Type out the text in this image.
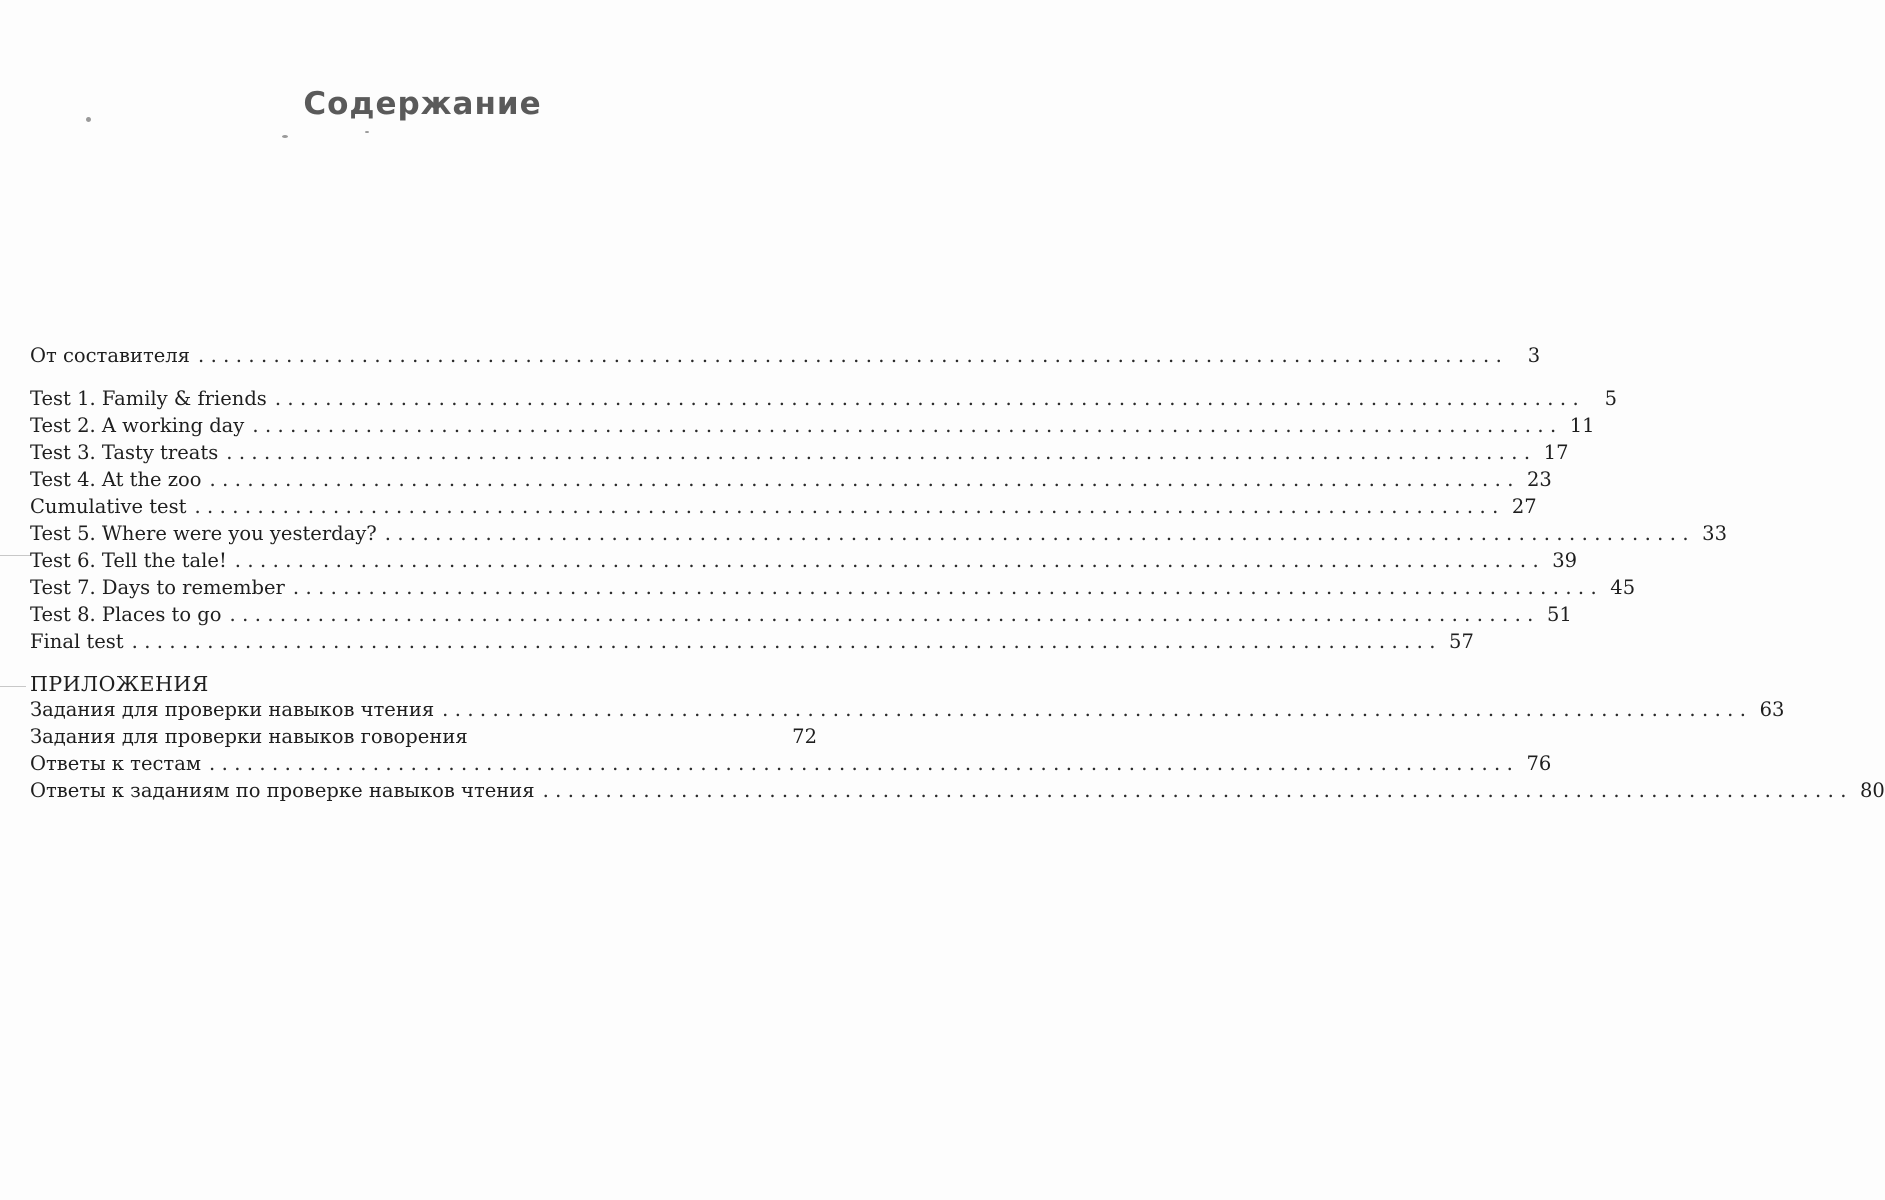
Содержание
От составителя ........................................................................................................	3
Test 1. Family & friends ........................................................................................................	5
Test 2. A working day ........................................................................................................ 11
Test 3. Tasty treats ........................................................................................................ 17
Test 4. At the zoo ........................................................................................................ 23
Cumulative test ........................................................................................................ 27
Test 5. Where were you yesterday? ........................................................................................................ 33
Test 6. Tell the tale! ........................................................................................................ 39
Test 7. Days to remember ........................................................................................................ 45
Test 8. Places to go ........................................................................................................ 51
Final test ........................................................................................................ 57
ПРИЛОЖЕНИЯ
Задания для проверки навыков чтения ........................................................................................................ 63
Задания для проверки навыков говорения	72
Ответы к тестам ........................................................................................................ 76
Ответы к заданиям по проверке навыков чтения ........................................................................................................ 80
